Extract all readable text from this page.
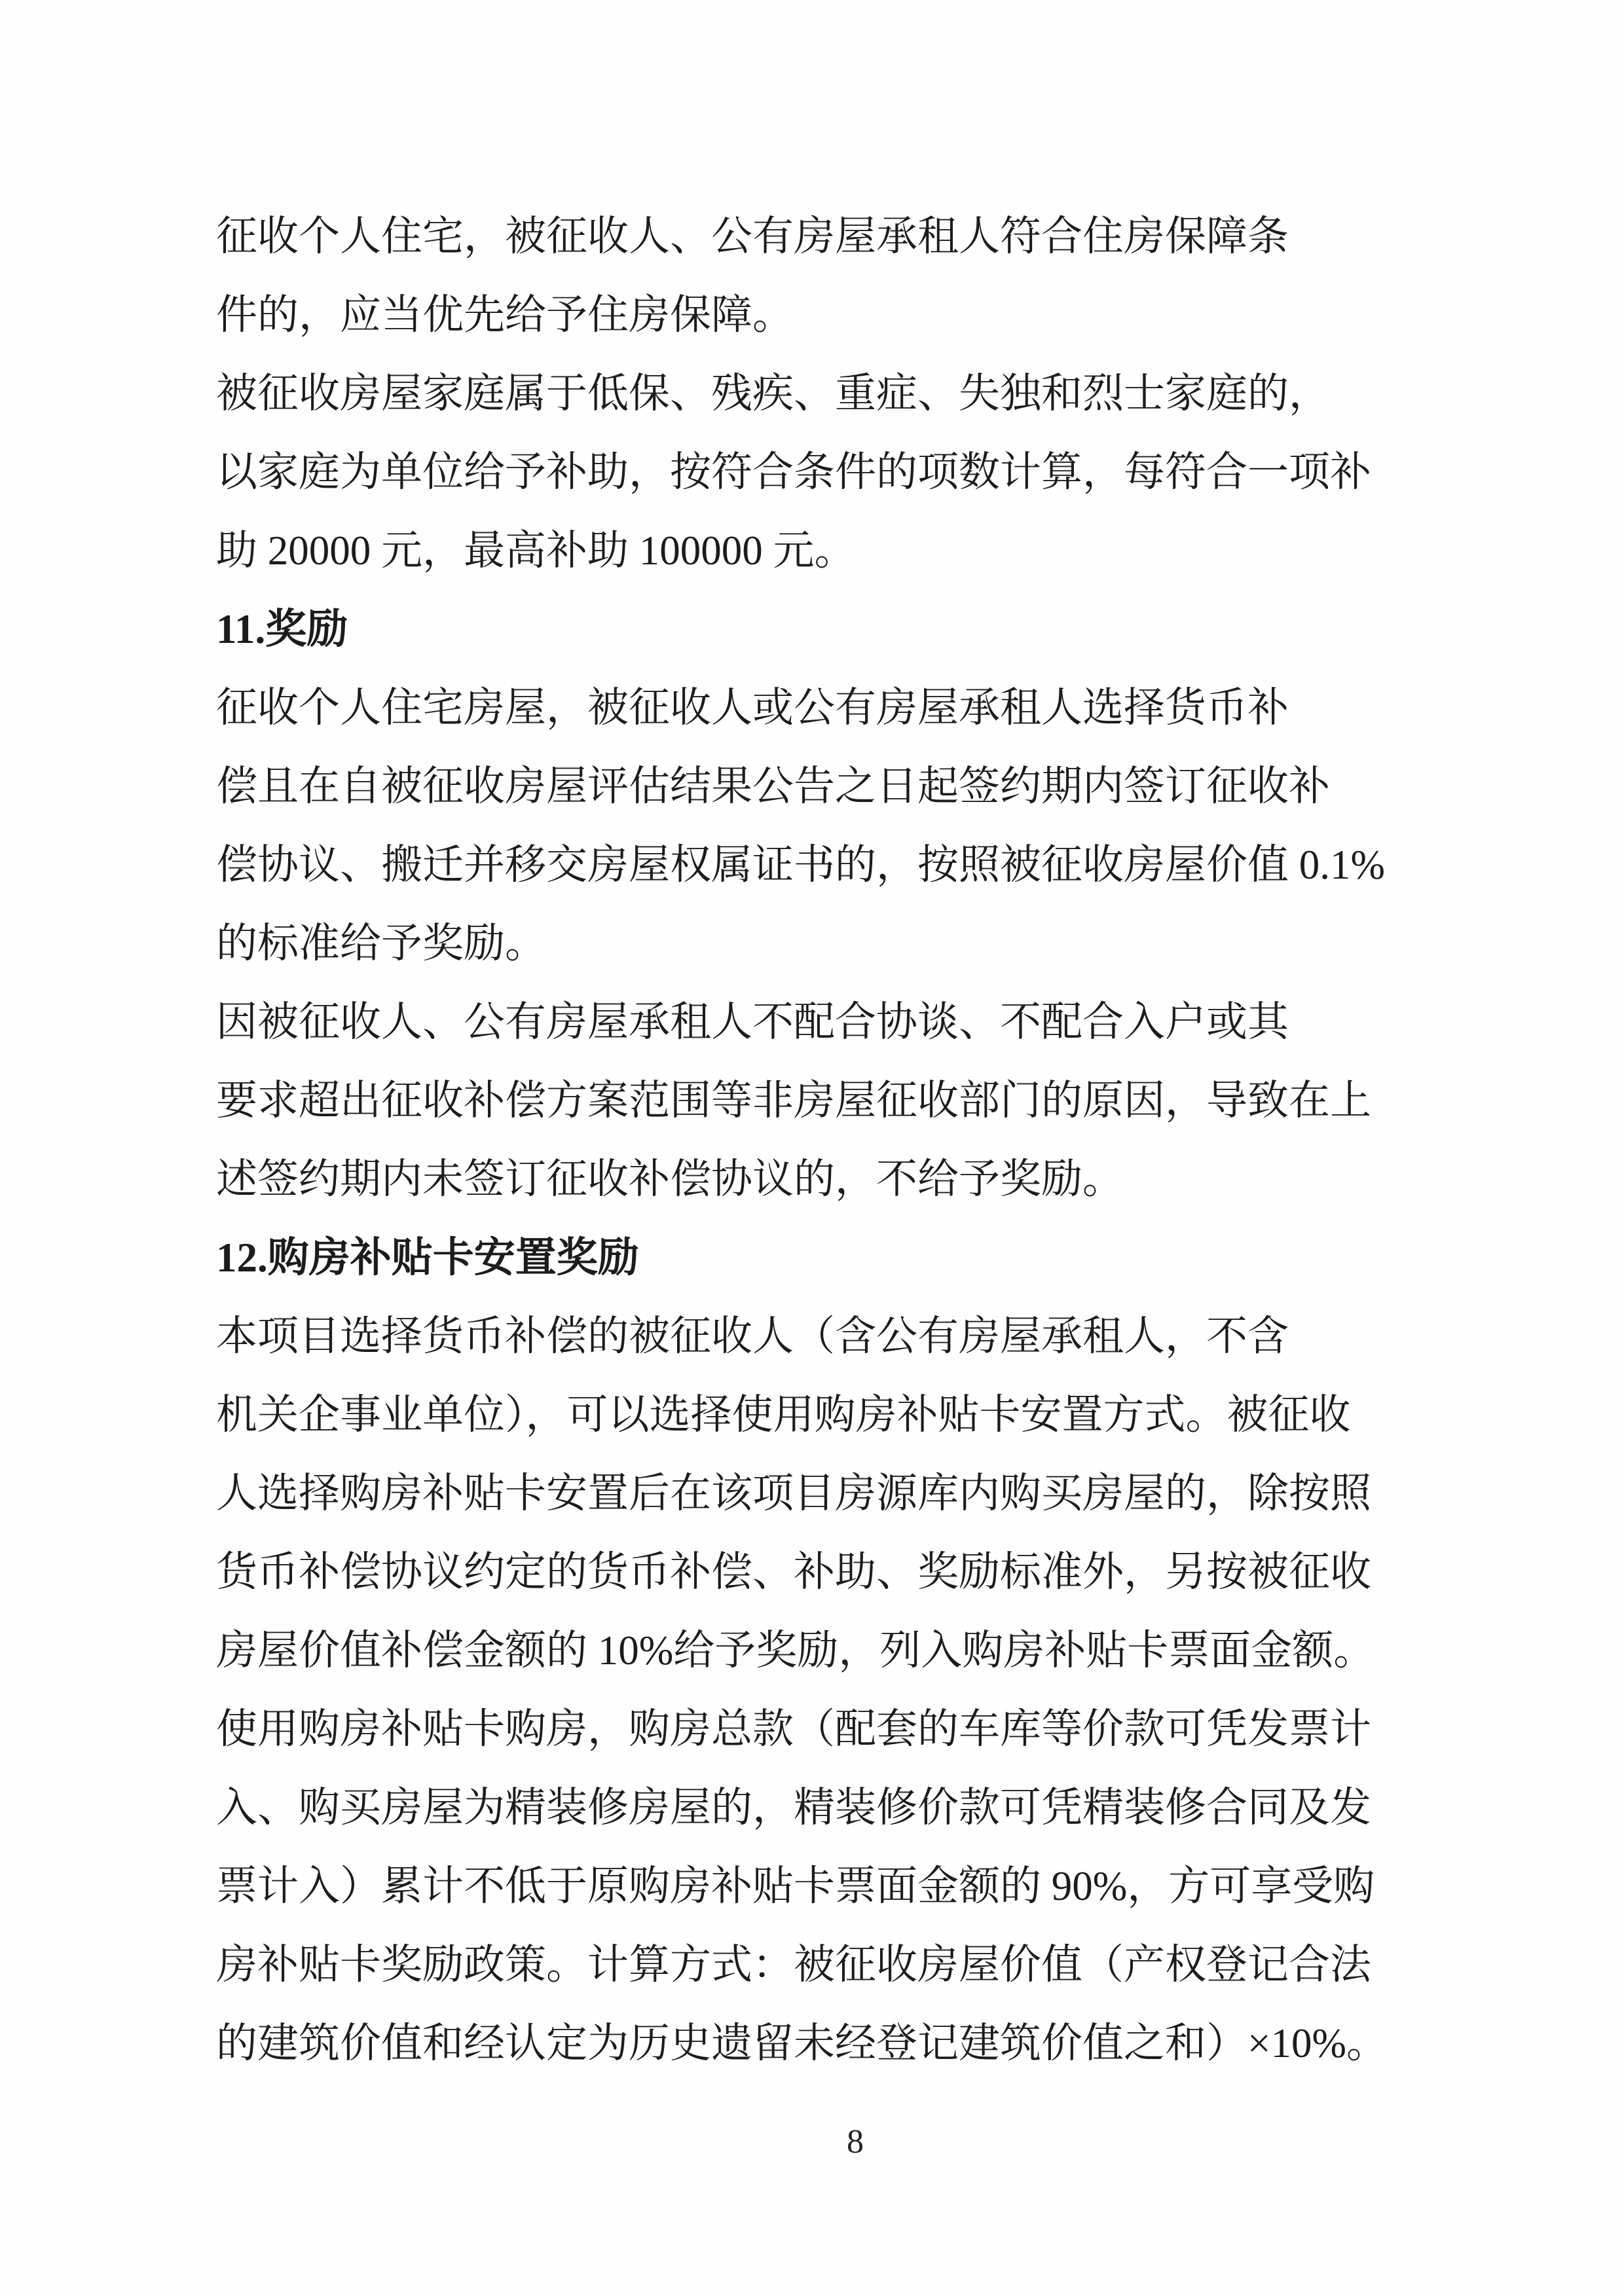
征收个人住宅，被征收人、公有房屋承租人符合住房保障条 件的，应当优先给予住房保障。

被征收房屋家庭属于低保、残疾、重症、失独和烈士家庭的， 以家庭为单位给予补助，按符合条件的项数计算，每符合一项补 助 20000 元，最高补助 100000 元。

11.奖励

征收个人住宅房屋，被征收人或公有房屋承租人选择货币补 偿且在自被征收房屋评估结果公告之日起签约期内签订征收补 偿协议、搬迁并移交房屋权属证书的，按照被征收房屋价值 0.1% 的标准给予奖励。

因被征收人、公有房屋承租人不配合协谈、不配合入户或其 要求超出征收补偿方案范围等非房屋征收部门的原因，导致在上 述签约期内未签订征收补偿协议的，不给予奖励。

12.购房补贴卡安置奖励

本项目选择货币补偿的被征收人（含公有房屋承租人，不含 机关企事业单位），可以选择使用购房补贴卡安置方式。被征收 人选择购房补贴卡安置后在该项目房源库内购买房屋的，除按照 货币补偿协议约定的货币补偿、补助、奖励标准外，另按被征收 房屋价值补偿金额的 10%给予奖励，列入购房补贴卡票面金额。 使用购房补贴卡购房，购房总款（配套的车库等价款可凭发票计 入、购买房屋为精装修房屋的，精装修价款可凭精装修合同及发 票计入）累计不低于原购房补贴卡票面金额的 90%，方可享受购 房补贴卡奖励政策。计算方式：被征收房屋价值（产权登记合法 的建筑价值和经认定为历史遗留未经登记建筑价值之和）×10%。

8
